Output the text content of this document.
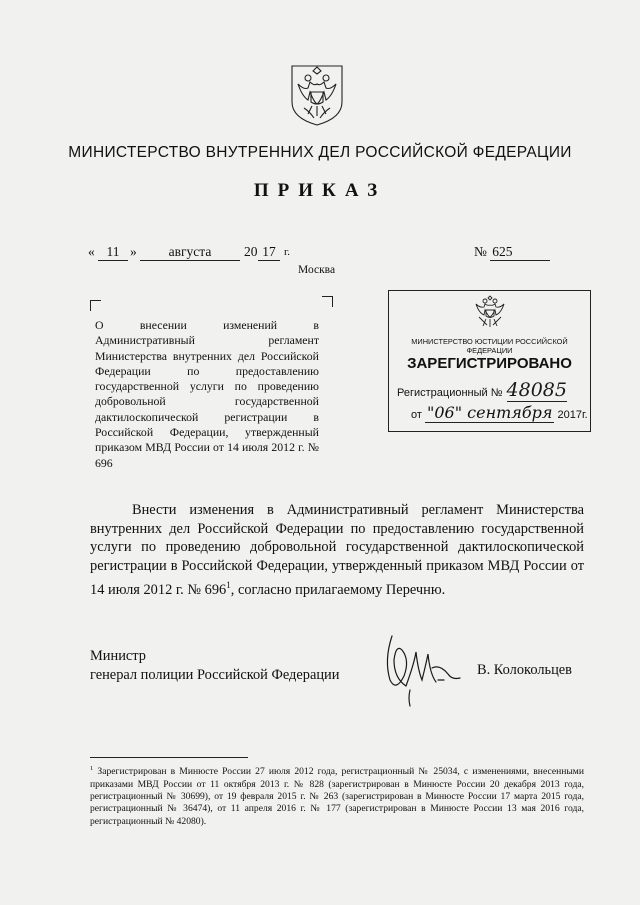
МИНИСТЕРСТВО ВНУТРЕННИХ ДЕЛ РОССИЙСКОЙ ФЕДЕРАЦИИ
ПРИКАЗ
« 11 »	августа	20 17 г.
Москва
№ 625
О внесении изменений в Административный регламент Министерства внутренних дел Российской Федерации по предоставлению государственной услуги по проведению добровольной государственной дактилоскопической регистрации в Российской Федерации, утвержденный приказом МВД России от 14 июля 2012 г. № 696
МИНИСТЕРСТВО ЮСТИЦИИ РОССИЙСКОЙ ФЕДЕРАЦИИ
ЗАРЕГИСТРИРОВАНО
Регистрационный № 48085
от "06" сентября 2017г.
Внести изменения в Административный регламент Министерства внутренних дел Российской Федерации по предоставлению государственной услуги по проведению добровольной государственной дактилоскопической регистрации в Российской Федерации, утвержденный приказом МВД России от 14 июля 2012 г. № $696^1$, согласно прилагаемому Перечню.
Министр
генерал полиции Российской Федерации	В. Колокольцев
$^1$ Зарегистрирован в Минюсте России 27 июля 2012 года, регистрационный № 25034, с изменениями, внесенными приказами МВД России от 11 октября 2013 г. № 828 (зарегистрирован в Минюсте России 20 декабря 2013 года, регистрационный № 30699), от 19 февраля 2015 г. № 263 (зарегистрирован в Минюсте России 17 марта 2015 года, регистрационный № 36474), от 11 апреля 2016 г. № 177 (зарегистрирован в Минюсте России 13 мая 2016 года, регистрационный № 42080).
